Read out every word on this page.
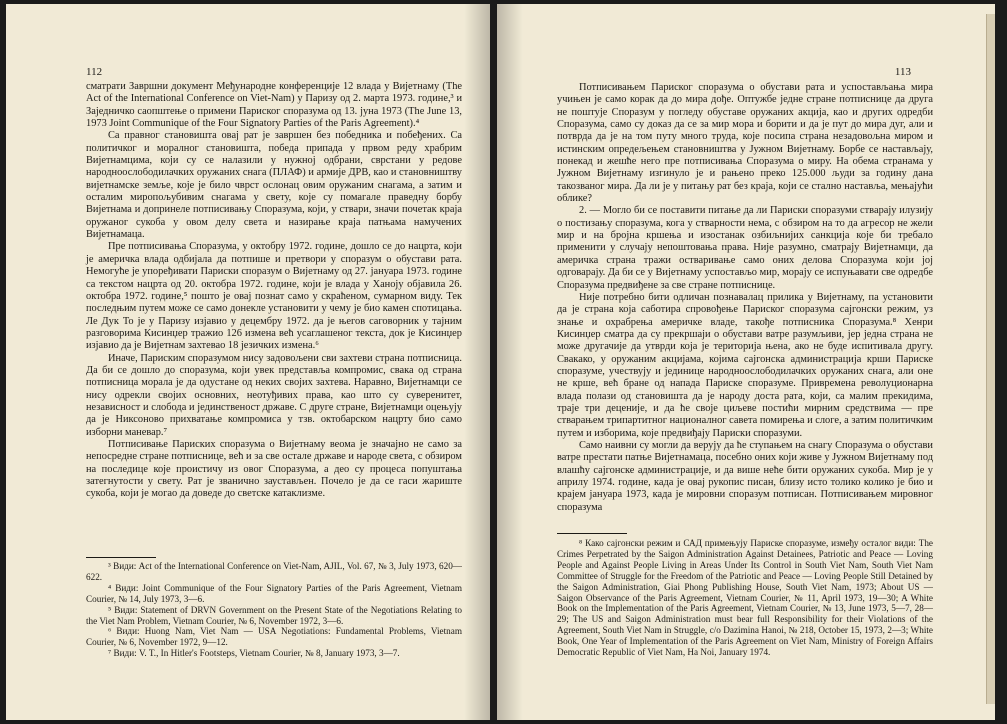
112

сматрати Завршни документ Међународне конференције 12 влада у Вијетнаму (The Act of the International Conference on Viet-Nam) у Паризу од 2. марта 1973. године,³ и Заједничко саопштење о примени Париског споразума од 13. јуна 1973 (The June 13, 1973 Joint Communique of the Four Signatory Parties of the Paris Agreement).⁴

Са правног становишта овај рат је завршен без победника и побеђених. Са политичког и моралног становишта, победа припада у првом реду храбрим Вијетнамцима, који су се налазили у нужној одбрани, сврстани у редове народноослободилачких оружаних снага (ПЛАФ) и армије ДРВ, као и становништву вијетнамске земље, које је било чврст ослонац овим оружаним снагама, а затим и осталим миропољубивим снагама у свету, које су помагале праведну борбу Вијетнама и допринеле потписивању Споразума, који, у ствари, значи почетак краја оружаног сукоба у овом делу света и назирање краја патњама намучених Вијетнамаца.

Пре потписивања Споразума, у октобру 1972. године, дошло се до нацрта, који је америчка влада одбијала да потпише и претвори у споразум о обустави рата. Немогуће је упоређивати Париски споразум о Вијетнаму од 27. јануара 1973. године са текстом нацрта од 20. октобра 1972. године, који је влада у Ханоју објавила 26. октобра 1972. године,⁵ пошто је овај познат само у скраћеном, сумарном виду. Тек последњим путем може се само донекле установити у чему је био камен спотицања. Ле Дук То је у Паризу изјавио у децембру 1972. да је његов саговорник у тајним разговорима Кисинџер тражио 126 измена већ усаглашеног текста, док је Кисинџер изјавио да је Вијетнам захтевао 18 језичких измена.⁶

Иначе, Париским споразумом нису задовољени сви захтеви страна потписница. Да би се дошло до споразума, који увек представља компромис, свака од страна потписница морала је да одустане од неких својих захтева. Наравно, Вијетнамци се нису одрекли својих основних, неотуђивих права, као што су суверенитет, независност и слобода и јединственост државе. С друге стране, Вијетнамци оцењују да је Никсоново прихватање компромиса у тзв. октобарском нацрту био само изборни маневар.⁷

Потписивање Париских споразума о Вијетнаму веома је значајно не само за непосредне стране потписнице, већ и за све остале државе и народе света, с обзиром на последице које проистичу из овог Споразума, а део су процеса попуштања затегнутости у свету. Рат је званично заустављен. Почело је да се гаси жариште сукоба, који је могао да доведе до светске катаклизме.

³ Види: Act of the International Conference on Viet-Nam, AJIL, Vol. 67, № 3, July 1973, 620—622.

⁴ Види: Joint Communique of the Four Signatory Parties of the Paris Agreement, Vietnam Courier, № 14, July 1973, 3—6.

⁵ Види: Statement of DRVN Government on the Present State of the Negotiations Relating to the Viet Nam Problem, Vietnam Courier, № 6, November 1972, 3—6.

⁶ Види: Huong Nam, Viet Nam — USA Negotiations: Fundamental Problems, Vietnam Courier, № 6, November 1972, 9—12.

⁷ Види: V. T., In Hitler's Footsteps, Vietnam Courier, № 8, January 1973, 3—7.

113

Потписивањем Париског споразума о обустави рата и успостављања мира учињен је само корак да до мира дође. Оптужбе једне стране потписнице да друга не поштује Споразум у погледу обуставе оружаних акција, као и других одредби Споразума, само су доказ да се за мир мора и борити и да је пут до мира дуг, али и потврда да је на том путу много труда, које посипа страна незадовољна миром и истинским опредељењем становништва у Јужном Вијетнаму. Борбе се настављају, понекад и жешће него пре потписивања Споразума о миру. На обема странама у Јужном Вијетнаму изгинуло је и рањено преко 125.000 људи за годину дана такозваног мира. Да ли је у питању рат без краја, који се стално наставља, мењајући облике?

2. — Могло би се поставити питање да ли Париски споразуми стварају илузију о постизању споразума, кога у стварности нема, с обзиром на то да агресор не жели мир и на бројна кршења и изостанак озбиљнијих санкција које би требало применити у случају непоштовања права. Није разумно, сматрају Вијетнамци, да америчка страна тражи остваривање само оних делова Споразума који јој одговарају. Да би се у Вијетнаму успостављо мир, морају се испуњавати све одредбе Споразума предвиђене за све стране потписнице.

Није потребно бити одличан познавалац прилика у Вијетнаму, па установити да је страна која саботира спровођење Париског споразума сајгонски режим, уз знање и охрабрења америчке владе, такође потписника Споразума.⁸ Хенри Кисинџер сматра да су прекршаји о обустави ватре разумљиви, јер једна страна не може другачије да утврди која је територија њена, ако не буде испитивала другу. Свакако, у оружаним акцијама, којима сајгонска администрација крши Париске споразуме, учествују и јединице народноослободилачких оружаних снага, али оне не крше, већ бране од напада Париске споразуме. Привремена револуционарна влада полази од становишта да је народу доста рата, који, са малим прекидима, траје три деценије, и да ће своје циљеве постићи мирним средствима — пре стварањем трипартитног националног савета помирења и слоге, а затим политичким путем и изборима, које предвиђају Париски споразуми.

Само наивни су могли да верују да ће ступањем на снагу Споразума о обустави ватре престати патње Вијетнамаца, посебно оних који живе у Јужном Вијетнаму под влашћу сајгонске администрације, и да више неће бити оружаних сукоба. Мир је у априлу 1974. године, када је овај рукопис писан, близу исто толико колико је био и краjем јануара 1973, када је мировни споразум потписан. Потписивањем мировног споразума

⁸ Како сајгонски режим и САД примењују Париске споразуме, између осталог види: The Crimes Perpetrated by the Saigon Administration Against Detainees, Patriotic and Peace — Loving People and Against People Living in Areas Under Its Control in South Viet Nam, South Viet Nam Committee of Struggle for the Freedom of the Patriotic and Peace — Loving People Still Detained by the Saigon Administration, Giai Phong Publishing House, South Viet Nam, 1973; About US — Saigon Observance of the Paris Agreement, Vietnam Courier, № 11, April 1973, 19—30; A White Book on the Implementation of the Paris Agreement, Vietnam Courier, № 13, June 1973, 5—7, 28—29; The US and Saigon Administration must bear full Responsibility for their Violations of the Agreement, South Viet Nam in Struggle, c/o Dazimina Hanoi, № 218, October 15, 1973, 2—3; White Book, One Year of Implementation of the Paris Agreement on Viet Nam, Ministry of Foreign Affairs Democratic Republic of Viet Nam, Ha Noi, January 1974.
